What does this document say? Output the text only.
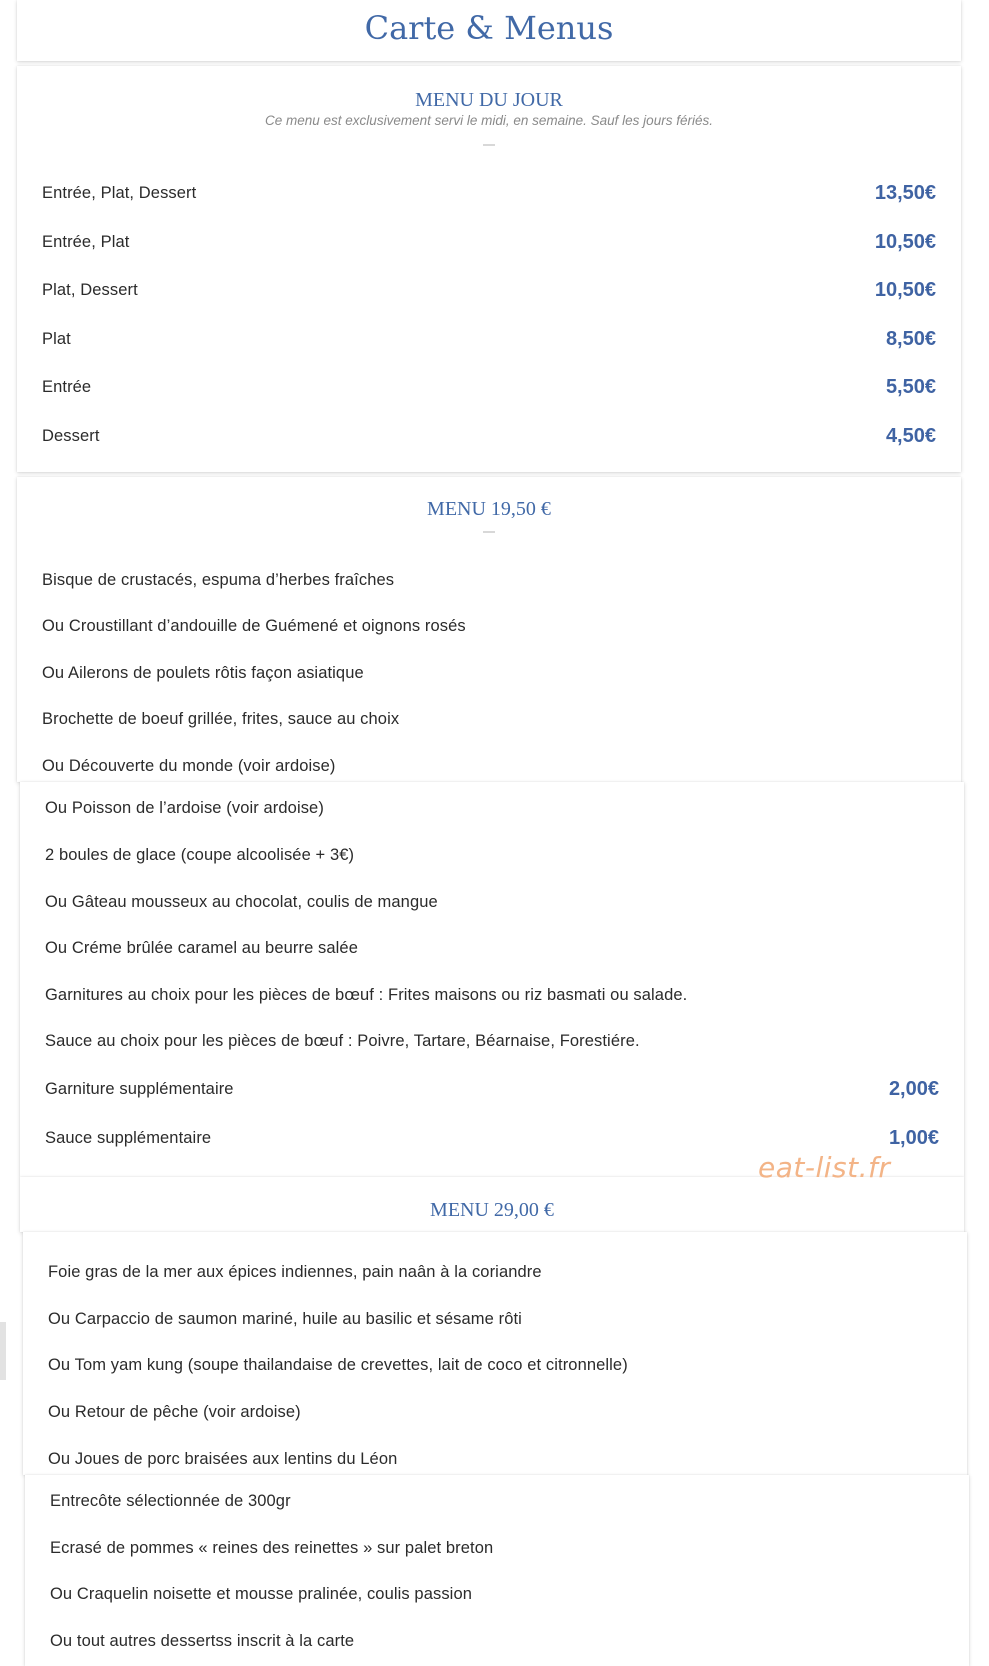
Carte & Menus
MENU DU JOUR
Ce menu est exclusivement servi le midi, en semaine. Sauf les jours fériés.
Entrée, Plat, Dessert	13,50€
Entrée, Plat	10,50€
Plat, Dessert	10,50€
Plat	8,50€
Entrée	5,50€
Dessert	4,50€
MENU 19,50 €
Bisque de crustacés, espuma d’herbes fraîches
Ou Croustillant d’andouille de Guémené et oignons rosés
Ou Ailerons de poulets rôtis façon asiatique
Brochette de boeuf grillée, frites, sauce au choix
Ou Découverte du monde (voir ardoise)
Ou Poisson de l’ardoise (voir ardoise)
2 boules de glace (coupe alcoolisée + 3€)
Ou Gâteau mousseux au chocolat, coulis de mangue
Ou Créme brûlée caramel au beurre salée
Garnitures au choix pour les pièces de bœuf : Frites maisons ou riz basmati ou salade.
Sauce au choix pour les pièces de bœuf : Poivre, Tartare, Béarnaise, Forestiére.
Garniture supplémentaire	2,00€
Sauce supplémentaire	1,00€
MENU 29,00 €
Foie gras de la mer aux épices indiennes, pain naân à la coriandre
Ou Carpaccio de saumon mariné, huile au basilic et sésame rôti
Ou Tom yam kung (soupe thailandaise de crevettes, lait de coco et citronnelle)
Ou Retour de pêche (voir ardoise)
Ou Joues de porc braisées aux lentins du Léon
Entrecôte sélectionnée de 300gr
Ecrasé de pommes « reines des reinettes » sur palet breton
Ou Craquelin noisette et mousse pralinée, coulis passion
Ou tout autres dessertss inscrit à la carte
eat-list.fr
